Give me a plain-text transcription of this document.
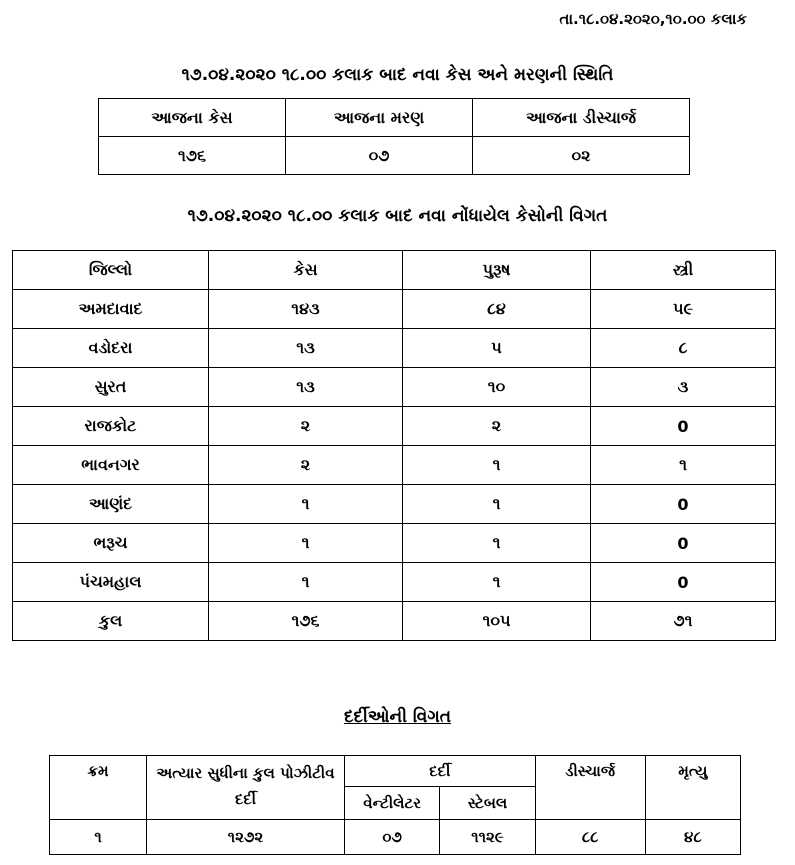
તા.૧૮.૦૪.૨૦૨૦,૧૦.૦૦ કલાક
૧૭.૦૪.૨૦૨૦ ૧૮.૦૦ કલાક બાદ નવા કેસ અને મરણની સ્થિતિ
આજના કેસ	આજના મરણ	આજના ડીસ્ચાર્જ
૧૭૬	૦૭	૦૨
૧૭.૦૪.૨૦૨૦ ૧૮.૦૦ કલાક બાદ નવા નોંધાયેલ કેસોની વિગત
જિલ્લો	કેસ	પુરૂષ	સ્ત્રી
અમદાવાદ	૧૪૩	૮૪	૫૯
વડોદરા	૧૩	૫	૮
સુરત	૧૩	૧૦	૩
રાજકોટ	૨	૨	0
ભાવનગર	૨	૧	૧
આણંદ	૧	૧	0
ભરૂચ	૧	૧	0
પંચમહાલ	૧	૧	0
કુલ	૧૭૬	૧૦૫	૭૧
દર્દીઓની વિગત
ક્રમ	અત્યાર સુધીના કુલ પોઝીટીવ દર્દી	દર્દી		ડીસ્ચાર્જ	મૃત્યુ
		વેન્ટીલેટર	સ્ટેબલ		
૧	૧૨૭૨	૦૭	૧૧૨૯	૮૮	૪૮
